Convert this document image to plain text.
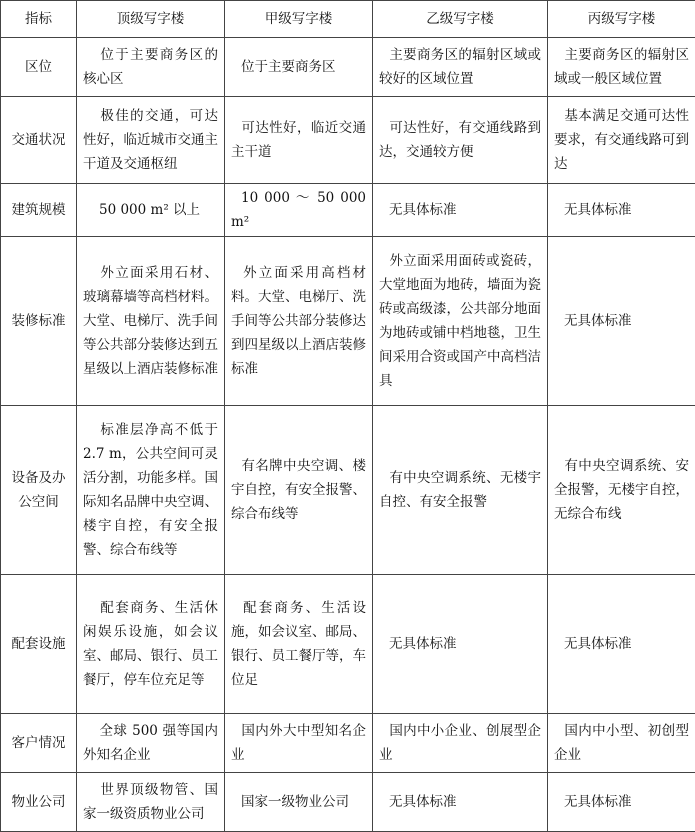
指标	顶级写字楼	甲级写字楼	乙级写字楼	丙级写字楼
区位	位于主要商务区的核心区	位于主要商务区	主要商务区的辐射区域或较好的区域位置	主要商务区的辐射区域或一般区域位置
交通状况	极佳的交通，可达性好，临近城市交通主干道及交通枢纽	可达性好，临近交通主干道	可达性好，有交通线路到达，交通较方便	基本满足交通可达性要求，有交通线路可到达
建筑规模	50 000 m² 以上	10 000 ～ 50 000 m²	无具体标准	无具体标准
装修标准	外立面采用石材、玻璃幕墙等高档材料。大堂、电梯厅、洗手间等公共部分装修达到五星级以上酒店装修标准	外立面采用高档材料。大堂、电梯厅、洗手间等公共部分装修达到四星级以上酒店装修标准	外立面采用面砖或瓷砖，大堂地面为地砖，墙面为瓷砖或高级漆，公共部分地面为地砖或铺中档地毯，卫生间采用合资或国产中高档洁具	无具体标准
设备及办公空间	标准层净高不低于 2.7 m，公共空间可灵活分割，功能多样。国际知名品牌中央空调、楼宇自控，有安全报警、综合布线等	有名牌中央空调、楼宇自控，有安全报警、综合布线等	有中央空调系统、无楼宇自控、有安全报警	有中央空调系统、安全报警，无楼宇自控，无综合布线
配套设施	配套商务、生活休闲娱乐设施，如会议室、邮局、银行、员工餐厅，停车位充足等	配套商务、生活设施，如会议室、邮局、银行、员工餐厅等，车位足	无具体标准	无具体标准
客户情况	全球 500 强等国内外知名企业	国内外大中型知名企业	国内中小企业、创展型企业	国内中小型、初创型企业
物业公司	世界顶级物管、国家一级资质物业公司	国家一级物业公司	无具体标准	无具体标准
